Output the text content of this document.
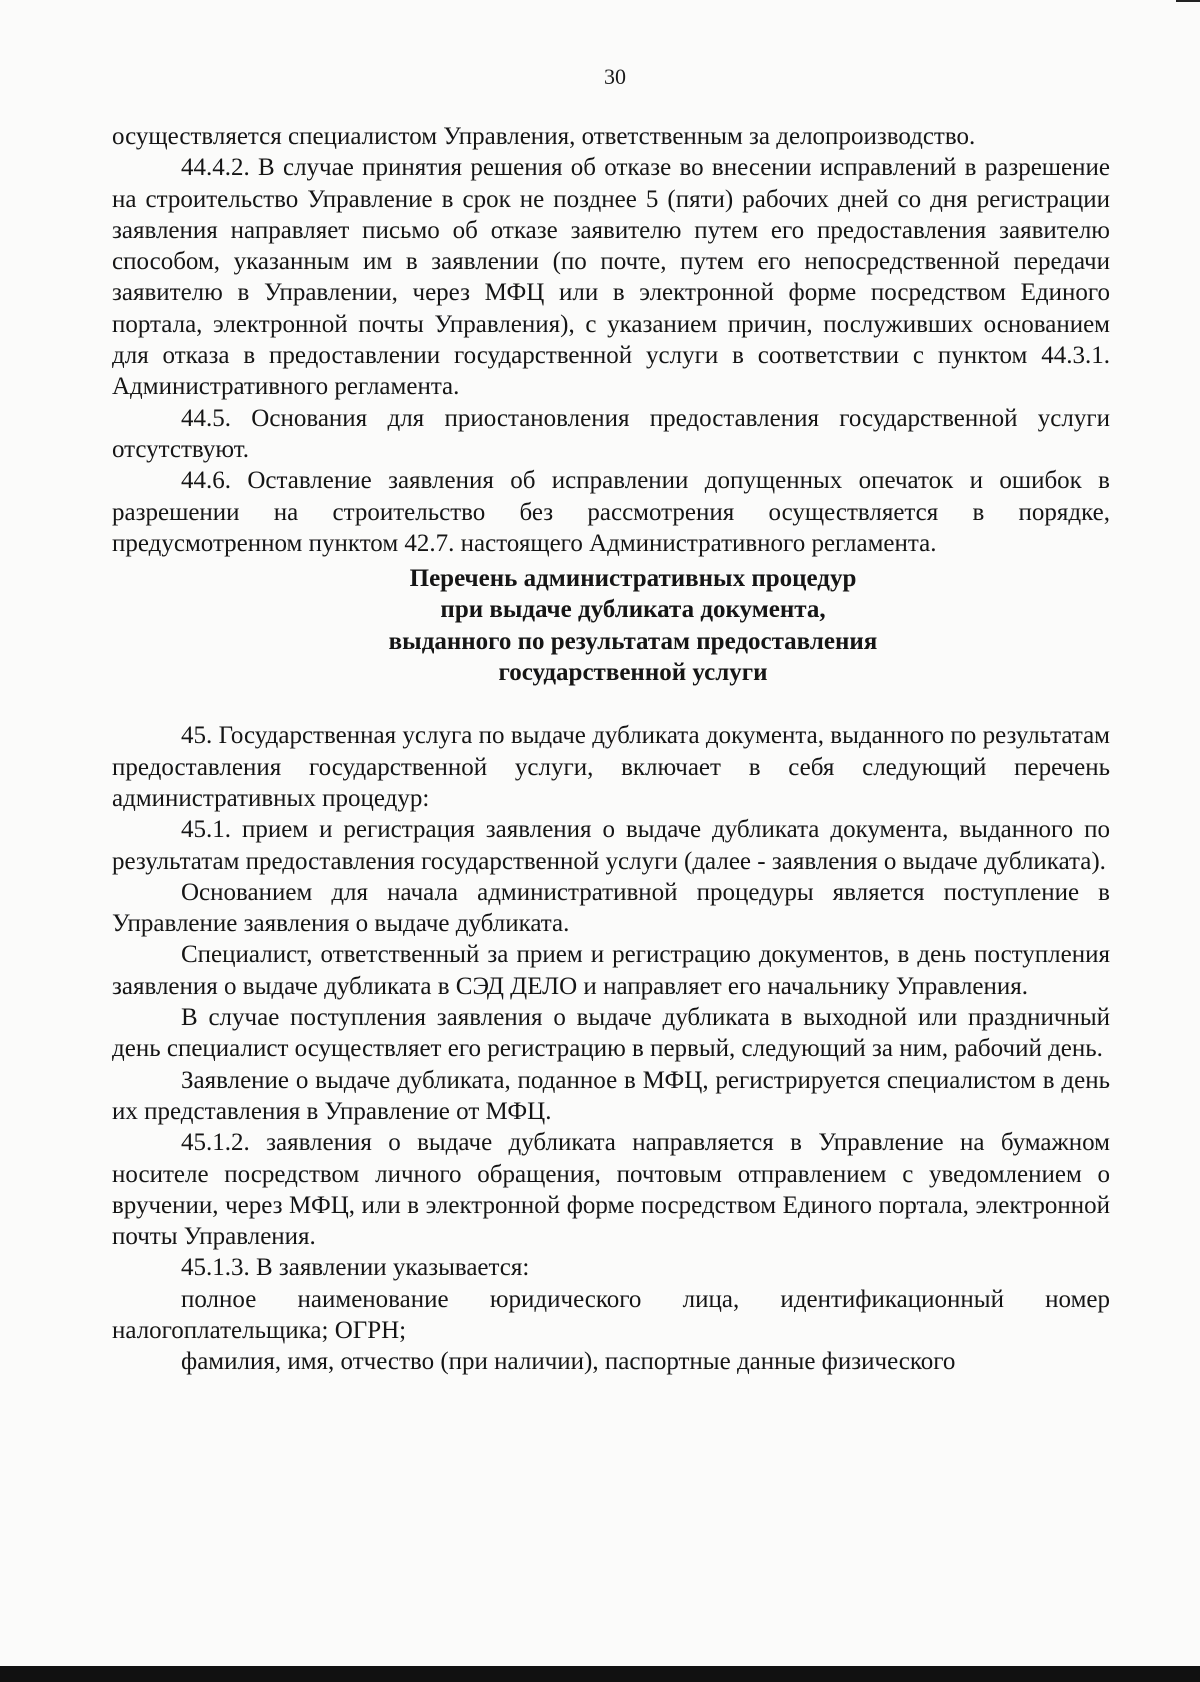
30

осуществляется специалистом Управления, ответственным за делопроизводство.

44.4.2. В случае принятия решения об отказе во внесении исправлений в разрешение на строительство Управление в срок не позднее 5 (пяти) рабочих дней со дня регистрации заявления направляет письмо об отказе заявителю путем его предоставления заявителю способом, указанным им в заявлении (по почте, путем его непосредственной передачи заявителю в Управлении, через МФЦ или в электронной форме посредством Единого портала, электронной почты Управления), с указанием причин, послуживших основанием для отказа в предоставлении государственной услуги в соответствии с пунктом 44.3.1. Административного регламента.

44.5. Основания для приостановления предоставления государственной услуги отсутствуют.

44.6. Оставление заявления об исправлении допущенных опечаток и ошибок в разрешении на строительство без рассмотрения осуществляется в порядке, предусмотренном пунктом 42.7. настоящего Административного регламента.

Перечень административных процедур
при выдаче дубликата документа,
выданного по результатам предоставления
государственной услуги

45. Государственная услуга по выдаче дубликата документа, выданного по результатам предоставления государственной услуги, включает в себя следующий перечень административных процедур:

45.1. прием и регистрация заявления о выдаче дубликата документа, выданного по результатам предоставления государственной услуги (далее - заявления о выдаче дубликата).

Основанием для начала административной процедуры является поступление в Управление заявления о выдаче дубликата.

Специалист, ответственный за прием и регистрацию документов, в день поступления заявления о выдаче дубликата в СЭД ДЕЛО и направляет его начальнику Управления.

В случае поступления заявления о выдаче дубликата в выходной или праздничный день специалист осуществляет его регистрацию в первый, следующий за ним, рабочий день.

Заявление о выдаче дубликата, поданное в МФЦ, регистрируется специалистом в день их представления в Управление от МФЦ.

45.1.2. заявления о выдаче дубликата направляется в Управление на бумажном носителе посредством личного обращения, почтовым отправлением с уведомлением о вручении, через МФЦ, или в электронной форме посредством Единого портала, электронной почты Управления.

45.1.3. В заявлении указывается:

полное наименование юридического лица, идентификационный номер налогоплательщика; ОГРН;

фамилия, имя, отчество (при наличии), паспортные данные физического
